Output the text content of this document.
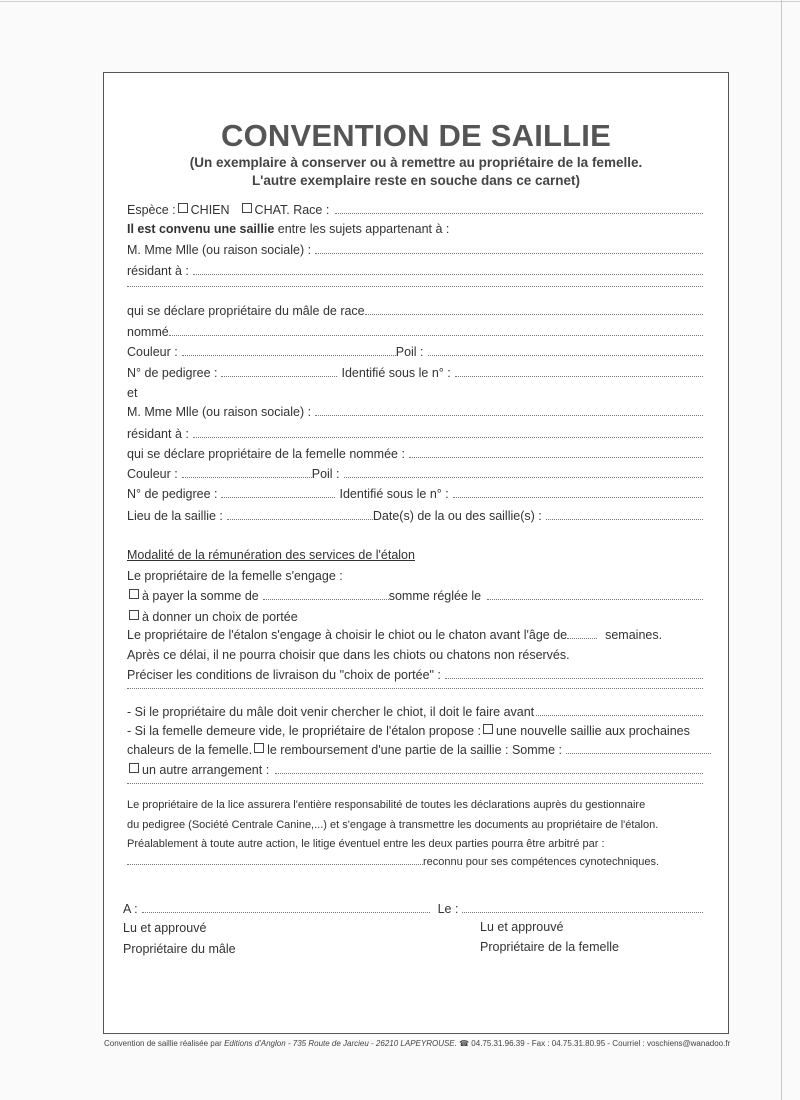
CONVENTION DE SAILLIE
(Un exemplaire à conserver ou à remettre au propriétaire de la femelle.
L'autre exemplaire reste en souche dans ce carnet)
Espèce : CHIEN CHAT. Race :
Il est convenu une saillie
entre les sujets appartenant à :
M. Mme Mlle (ou raison sociale) :
résidant à :
qui se déclare propriétaire du mâle de race
nommé
Couleur :	Poil :
N° de pedigree :	Identifié sous le n° :
et
M. Mme Mlle (ou raison sociale) :
résidant à :
qui se déclare propriétaire de la femelle nommée :
Couleur :	Poil :
N° de pedigree :	Identifié sous le n° :
Lieu de la saillie :	Date(s) de la ou des saillie(s) :
Modalité de la rémunération des services de l'étalon
Le propriétaire de la femelle s'engage :
à payer la somme de	somme réglée le
à donner un choix de portée
Le propriétaire de l'étalon s'engage à choisir le chiot ou le chaton avant l'âge de	semaines.
Après ce délai, il ne pourra choisir que dans les chiots ou chatons non réservés.
Préciser les conditions de livraison du "choix de portée" :
- Si le propriétaire du mâle doit venir chercher le chiot, il doit le faire avant
- Si la femelle demeure vide, le propriétaire de l'étalon propose : une nouvelle saillie aux prochaines
chaleurs de la femelle. le remboursement d'une partie de la saillie : Somme :
un autre arrangement :
Le propriétaire de la lice assurera l'entière responsabilité de toutes les déclarations auprès du gestionnaire
du pedigree (Société Centrale Canine,...) et s'engage à transmettre les documents au propriétaire de l'étalon.
Préalablement à toute autre action, le litige éventuel entre les deux parties pourra être arbitré par :
reconnu pour ses compétences cynotechniques.
A :	Le :
Lu et approuvé	Lu et approuvé
Propriétaire du mâle	Propriétaire de la femelle
Convention de saillie réalisée par Editions d'Anglon - 735 Route de Jarcieu - 26210 LAPEYROUSE. ☎ 04.75.31.96.39 - Fax : 04.75.31.80.95 - Courriel : voschiens@wanadoo.fr
